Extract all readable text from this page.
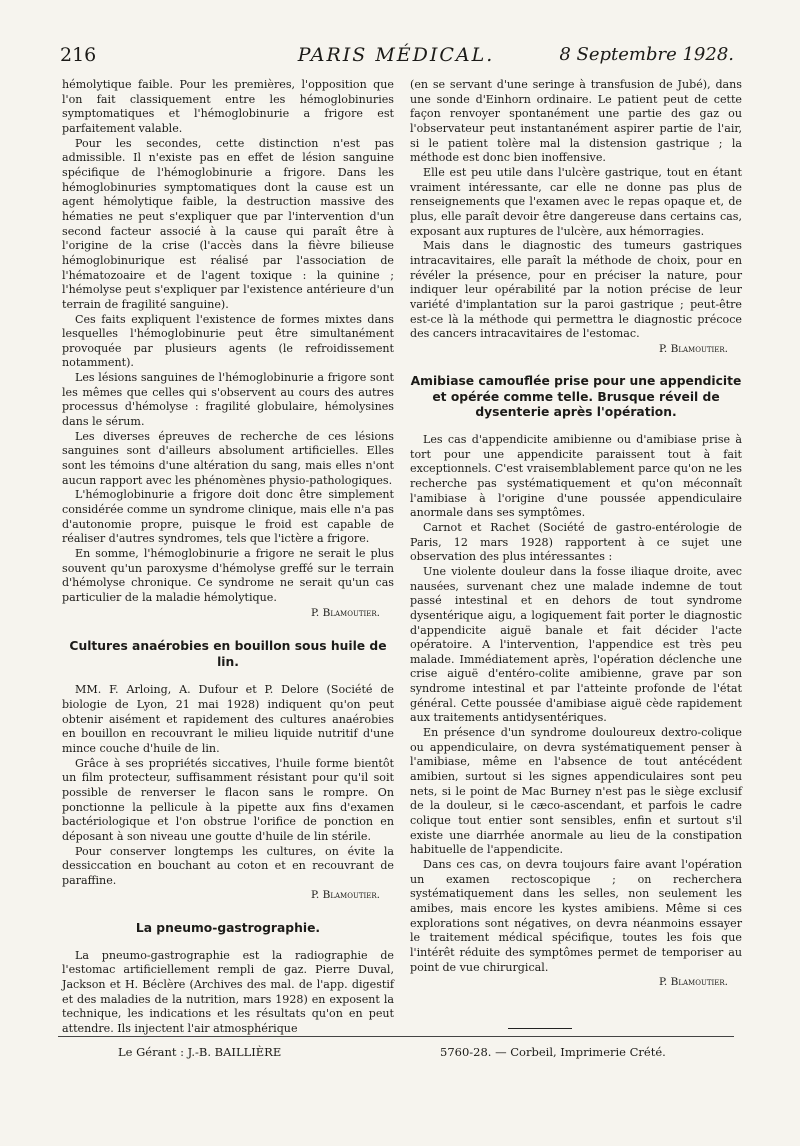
216	PARIS MÉDICAL.	8 Septembre 1928.

hémolytique faible. Pour les premières, l'opposition que l'on fait classiquement entre les hémoglobinuries symptomatiques et l'hémoglobinurie a frigore est parfaitement valable.

Pour les secondes, cette distinction n'est pas admissible. Il n'existe pas en effet de lésion sanguine spécifique de l'hémoglobinurie a frigore. Dans les hémoglobinuries symptomatiques dont la cause est un agent hémolytique faible, la destruction massive des hématies ne peut s'expliquer que par l'intervention d'un second facteur associé à la cause qui paraît être à l'origine de la crise (l'accès dans la fièvre bilieuse hémoglobinurique est réalisé par l'association de l'hématozoaire et de l'agent toxique : la quinine ; l'hémolyse peut s'expliquer par l'existence antérieure d'un terrain de fragilité sanguine).

Ces faits expliquent l'existence de formes mixtes dans lesquelles l'hémoglobinurie peut être simultanément provoquée par plusieurs agents (le refroidissement notamment).

Les lésions sanguines de l'hémoglobinurie a frigore sont les mêmes que celles qui s'observent au cours des autres processus d'hémolyse : fragilité globulaire, hémolysines dans le sérum.

Les diverses épreuves de recherche de ces lésions sanguines sont d'ailleurs absolument artificielles. Elles sont les témoins d'une altération du sang, mais elles n'ont aucun rapport avec les phénomènes physio-pathologiques.

L'hémoglobinurie a frigore doit donc être simplement considérée comme un syndrome clinique, mais elle n'a pas d'autonomie propre, puisque le froid est capable de réaliser d'autres syndromes, tels que l'ictère a frigore.

En somme, l'hémoglobinurie a frigore ne serait le plus souvent qu'un paroxysme d'hémolyse greffé sur le terrain d'hémolyse chronique. Ce syndrome ne serait qu'un cas particulier de la maladie hémolytique.

P. Blamoutier.
Cultures anaérobies en bouillon sous huile de lin.

MM. F. Arloing, A. Dufour et P. Delore (Société de biologie de Lyon, 21 mai 1928) indiquent qu'on peut obtenir aisément et rapidement des cultures anaérobies en bouillon en recouvrant le milieu liquide nutritif d'une mince couche d'huile de lin.

Grâce à ses propriétés siccatives, l'huile forme bientôt un film protecteur, suffisamment résistant pour qu'il soit possible de renverser le flacon sans le rompre. On ponctionne la pellicule à la pipette aux fins d'examen bactériologique et l'on obstrue l'orifice de ponction en déposant à son niveau une goutte d'huile de lin stérile.

Pour conserver longtemps les cultures, on évite la dessiccation en bouchant au coton et en recouvrant de paraffine.

P. Blamoutier.
La pneumo-gastrographie.

La pneumo-gastrographie est la radiographie de l'estomac artificiellement rempli de gaz. Pierre Duval, Jackson et H. Béclère (Archives des mal. de l'app. digestif et des maladies de la nutrition, mars 1928) en exposent la technique, les indications et les résultats qu'on en peut attendre. Ils injectent l'air atmosphérique

(en se servant d'une seringe à transfusion de Jubé), dans une sonde d'Einhorn ordinaire. Le patient peut de cette façon renvoyer spontanément une partie des gaz ou l'observateur peut instantanément aspirer partie de l'air, si le patient tolère mal la distension gastrique ; la méthode est donc bien inoffensive.

Elle est peu utile dans l'ulcère gastrique, tout en étant vraiment intéressante, car elle ne donne pas plus de renseignements que l'examen avec le repas opaque et, de plus, elle paraît devoir être dangereuse dans certains cas, exposant aux ruptures de l'ulcère, aux hémorragies.

Mais dans le diagnostic des tumeurs gastriques intracavitaires, elle paraît la méthode de choix, pour en révéler la présence, pour en préciser la nature, pour indiquer leur opérabilité par la notion précise de leur variété d'implantation sur la paroi gastrique ; peut-être est-ce là la méthode qui permettra le diagnostic précoce des cancers intracavitaires de l'estomac.

P. Blamoutier.
Amibiase camouflée prise pour une appendicite et opérée comme telle. Brusque réveil de dysenterie après l'opération.

Les cas d'appendicite amibienne ou d'amibiase prise à tort pour une appendicite paraissent tout à fait exceptionnels. C'est vraisemblablement parce qu'on ne les recherche pas systématiquement et qu'on méconnaît l'amibiase à l'origine d'une poussée appendiculaire anormale dans ses symptômes.

Carnot et Rachet (Société de gastro-entérologie de Paris, 12 mars 1928) rapportent à ce sujet une observation des plus intéressantes :

Une violente douleur dans la fosse iliaque droite, avec nausées, survenant chez une malade indemne de tout passé intestinal et en dehors de tout syndrome dysentérique aigu, a logiquement fait porter le diagnostic d'appendicite aiguë banale et fait décider l'acte opératoire. A l'intervention, l'appendice est très peu malade. Immédiatement après, l'opération déclenche une crise aiguë d'entéro-colite amibienne, grave par son syndrome intestinal et par l'atteinte profonde de l'état général. Cette poussée d'amibiase aiguë cède rapidement aux traitements antidysentériques.

En présence d'un syndrome douloureux dextro-colique ou appendiculaire, on devra systématiquement penser à l'amibiase, même en l'absence de tout antécédent amibien, surtout si les signes appendiculaires sont peu nets, si le point de Mac Burney n'est pas le siège exclusif de la douleur, si le cæco-ascendant, et parfois le cadre colique tout entier sont sensibles, enfin et surtout s'il existe une diarrhée anormale au lieu de la constipation habituelle de l'appendicite.

Dans ces cas, on devra toujours faire avant l'opération un examen rectoscopique ; on recherchera systématiquement dans les selles, non seulement les amibes, mais encore les kystes amibiens. Même si ces explorations sont négatives, on devra néanmoins essayer le traitement médical spécifique, toutes les fois que l'intérêt réduite des symptômes permet de temporiser au point de vue chirurgical.

P. Blamoutier.
Le Gérant : J.-B. BAILLIÈRE	5760-28. — Corbeil, Imprimerie Crété.
